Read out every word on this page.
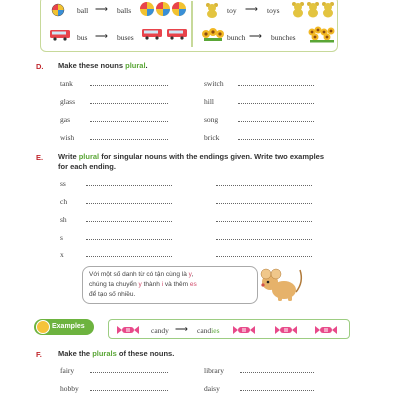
ball ⟶ balls
bus ⟶ buses
toy ⟶ toys
bunch ⟶ bunches
D. Make these nouns plural.
tank
glass
gas
wish
switch
hill
song
brick
E. Write plural for singular nouns with the endings given. Write two examples
for each ending.
ss
ch
sh
s
x
Với một số danh từ có tận cùng là y,
chúng ta chuyển y thành i và thêm es
để tạo số nhiều.
Examples	candy ⟶ candies
F. Make the plurals of these nouns.
fairy
hobby
library
daisy
